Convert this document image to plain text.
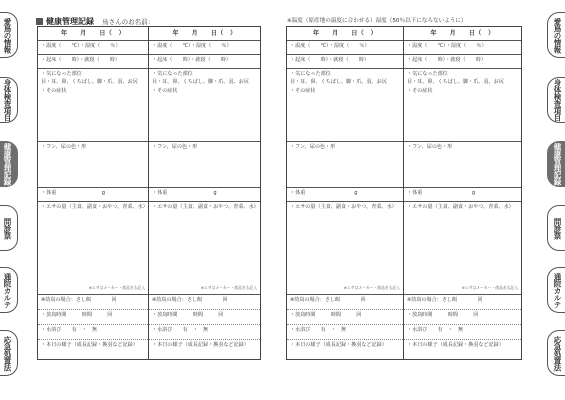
健康管理記録 鳥さんのお名前：	※温度（原産地の温度に合わせる）湿度（50％以下にならないように）
年　　月　　日（　）
・温度（　　℃）・湿度（　　％）
・起床（　　時）・就寝（　　時）
・気になった部位
目・耳、鼻、くちばし、脚・爪、羽、お尻
・その症状
・フン、尿の色・形
・体重	g
・エサの量（主食、副食・おやつ、青菜、水）
※エサはメーカー・商品名も記入
※幼鳥の場合：さし餌　　　　回
・放鳥時間　　　時間　　　回
・水浴び　　有　・　無
・本日の様子（成長記録・換羽など記録）
年　　月　　日（　）
・温度（　　℃）・湿度（　　％）
・起床（　　時）・就寝（　　時）
・気になった部位
目・耳、鼻、くちばし、脚・爪、羽、お尻
・その症状
・フン、尿の色・形
・体重	g
・エサの量（主食、副食・おやつ、青菜、水）
※エサはメーカー・商品名も記入
※幼鳥の場合：さし餌　　　　回
・放鳥時間　　　時間　　　回
・水浴び　　有　・　無
・本日の様子（成長記録・換羽など記録）
年　　月　　日（　）
・温度（　　℃）・湿度（　　％）
・起床（　　時）・就寝（　　時）
・気になった部位
目・耳、鼻、くちばし、脚・爪、羽、お尻
・その症状
・フン、尿の色・形
・体重	g
・エサの量（主食、副食・おやつ、青菜、水）
※エサはメーカー・商品名も記入
※幼鳥の場合：さし餌　　　　回
・放鳥時間　　　時間　　　回
・水浴び　　有　・　無
・本日の様子（成長記録・換羽など記録）
年　　月　　日（　）
・温度（　　℃）・湿度（　　％）
・起床（　　時）・就寝（　　時）
・気になった部位
目・耳、鼻、くちばし、脚・爪、羽、お尻
・その症状
・フン、尿の色・形
・体重	g
・エサの量（主食、副食・おやつ、青菜、水）
※エサはメーカー・商品名も記入
※幼鳥の場合：さし餌　　　　回
・放鳥時間　　　時間　　　回
・水浴び　　有　・　無
・本日の様子（成長記録・換羽など記録）
愛鳥の情報
身体検査項目
健康管理記録
問診票
通院カルテ
応急処置法
愛鳥の情報
身体検査項目
健康管理記録
問診票
通院カルテ
応急処置法
